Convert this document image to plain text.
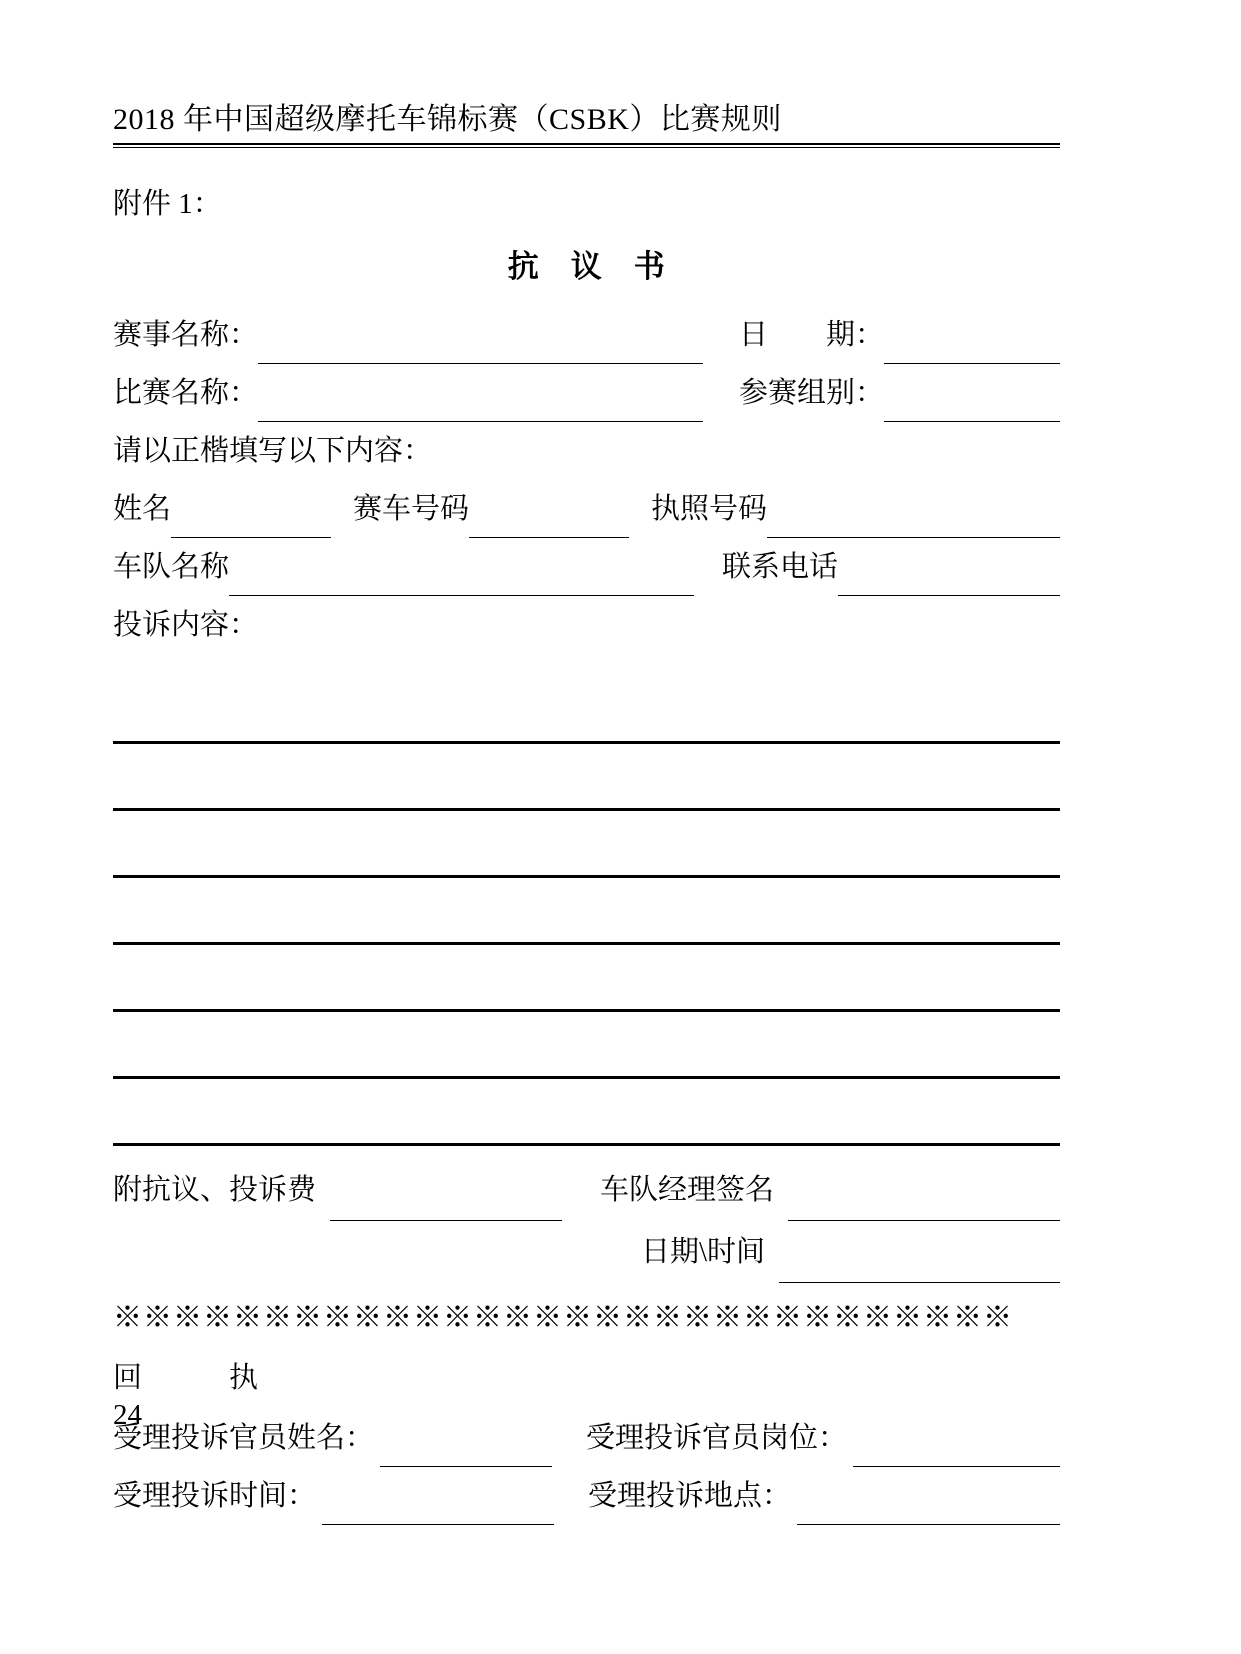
2018 年中国超级摩托车锦标赛（CSBK）比赛规则
附件 1：
抗　议　书
赛事名称：	日　　期：
比赛名称：	参赛组别：
请以正楷填写以下内容：
姓名	赛车号码	执照号码
车队名称	联系电话
投诉内容：
附抗议、投诉费	车队经理签名
日期\时间
※※※※※※※※※※※※※※※※※※※※※※※※※※※※※※
回　　　执
受理投诉官员姓名：	受理投诉官员岗位：
受理投诉时间：	受理投诉地点：
24
